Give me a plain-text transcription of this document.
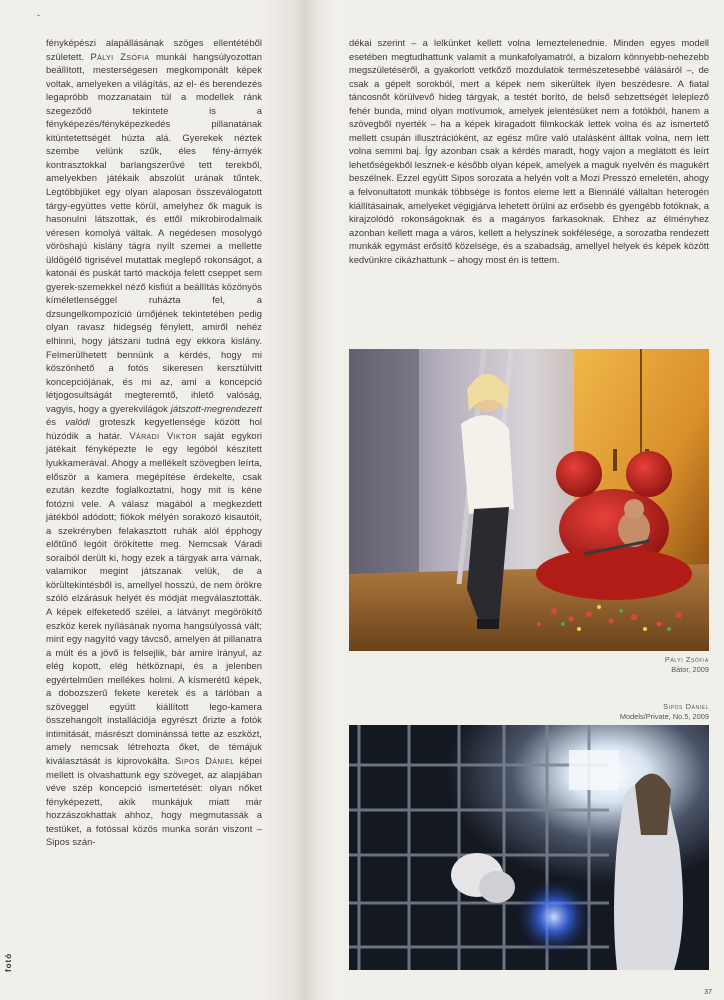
-

fényképészi alapállásának szöges ellentétéből született. Pályi Zsófia munkái hangsúlyozottan beállított, mesterségesen megkomponált képek voltak, amelyeken a világítás, az el- és berendezés legapróbb mozzanatain túl a modellek ránk szegeződő tekintete is a fényképezés/fényképezkedés pillanatának kitüntetettségét húzta alá. Gyerekek néztek szembe velünk szűk, éles fény-árnyék kontrasztokkal barlangszerűvé tett terekből, amelyekben játékaik abszolút urának tűntek. Legtöbbjüket egy olyan alaposan összeválogatott tárgy-együttes vette körül, amelyhez ők maguk is hasonulni látszottak, és ettől mikrobirodalmaik véresen komolyá váltak. A negédesen mosolygó vöröshajú kislány tágra nyílt szemei a mellette üldögélő tigrisével mutattak meglepő rokonságot, a katonái és puskát tartó mackója felett cseppet sem gyerek-szemekkel néző kisfiút a beállítás közönyös kíméletlenséggel ruházta fel, a dzsungelkompozíció úrnőjének tekintetében pedig olyan ravasz hidegség fénylett, amiről nehéz elhinni, hogy játszani tudná egy ekkora kislány. Felmerülhetett bennünk a kérdés, hogy mi köszönhető a fotós sikeresen kersztülvitt koncepciójának, és mi az, ami a koncepció létjogosultságát megteremtő, ihlető valóság, vagyis, hogy a gyerekvilágok játszott-megrendezett és valódi groteszk kegyetlensége között hol húzódik a határ. Váradi Viktor saját egykori játékait fényképezte le egy legóból készített lyukkamerával. Ahogy a mellékelt szövegben leírta, először a kamera megépítése érdekelte, csak ezután kezdte foglalkoztatni, hogy mit is kéne fotózni vele. A válasz magából a megkezdett játékból adódott; fiókok mélyén sorakozó kisautóit, a szekrényben felakasztott ruhák alól épphogy előtűnő legóit örökítette meg. Nemcsak Váradi soraiból derült ki, hogy ezek a tárgyak arra várnak, valamikor megint játszanak velük, de a körültekintésből is, amellyel hosszú, de nem örökre szóló elzárásuk helyét és módját megválasztották. A képek elfeketedő szélei, a látványt megörökítő eszköz kerek nyílásának nyoma hangsúlyossá vált; mint egy nagyító vagy távcső, amelyen át pillanatra a múlt és a jövő is felsejlik, bár amire irányul, az elég kopott, elég hétköznapi, és a jelenben egyértelműen mellékes holmi. A kísmerétű képek, a dobozszerű fekete keretek és a tárlóban a szöveggel együtt kiállított lego-kamera összehangolt installációja egyrészt őrizte a fotók intimitását, másrészt dominánssá tette az eszközt, amely nemcsak létrehozta őket, de témájuk kiválasztását is kiprovokálta. Sipos Dániel képei mellett is olvashattunk egy szöveget, az alapjában véve szép koncepció ismertetését: olyan nőket fényképezett, akik munkájuk miatt már hozzászokhattak ahhoz, hogy megmutassák a testüket, a fotóssal közös munka során viszont – Sipos szán-

dékai szerint – a lelkünket kellett volna lemeztelenednie. Minden egyes modell esetében megtudhattunk valamit a munkafolyamatról, a bizalom könnyebb-nehezebb megszületéséről, a gyakorlott vetkőző mozdulatok természetesebbé válásáról –, de csak a gépelt sorokból, mert a képek nem sikerültek ilyen beszédesre. A fiatal táncosnőt körülvevő hideg tárgyak, a testét borító, de belső sebzettségét leleplező fehér bunda, mind olyan motívumok, amelyek jelentésüket nem a fotókból, hanem a szövegből nyerték – ha a képek kiragadott filmkockák lettek volna és az ismertető mellett csupán illusztrációként, az egész műre való utalásként álltak volna, nem lett volna semmi baj. Így azonban csak a kérdés maradt, hogy vajon a meglátott és leírt lehetőségekből lesznek-e később olyan képek, amelyek a maguk nyelvén és magukért beszélnek. Ezzel együtt Sipos sorozata a helyén volt a Mozi Presszó emeletén, ahogy a felvonultatott munkák többsége is fontos eleme lett a Biennálé vállaltan heterogén kiállításainak, amelyeket végigjárva lehetett örülni az erősebb és gyengébb fotóknak, a kirajzolódó rokonságoknak és a magányos farkasoknak. Ehhez az élményhez azonban kellett maga a város, kellett a helyszínek sokfélesége, a sorozatba rendezett munkák egymást erősítő közelsége, és a szabadság, amellyel helyek és képek között kedvünkre cikázhattunk – ahogy most én is tettem.

Pályi Zsófia
Bátor, 2009
Sipos Dániel
Models/Private, No.5, 2009
fotó
37
